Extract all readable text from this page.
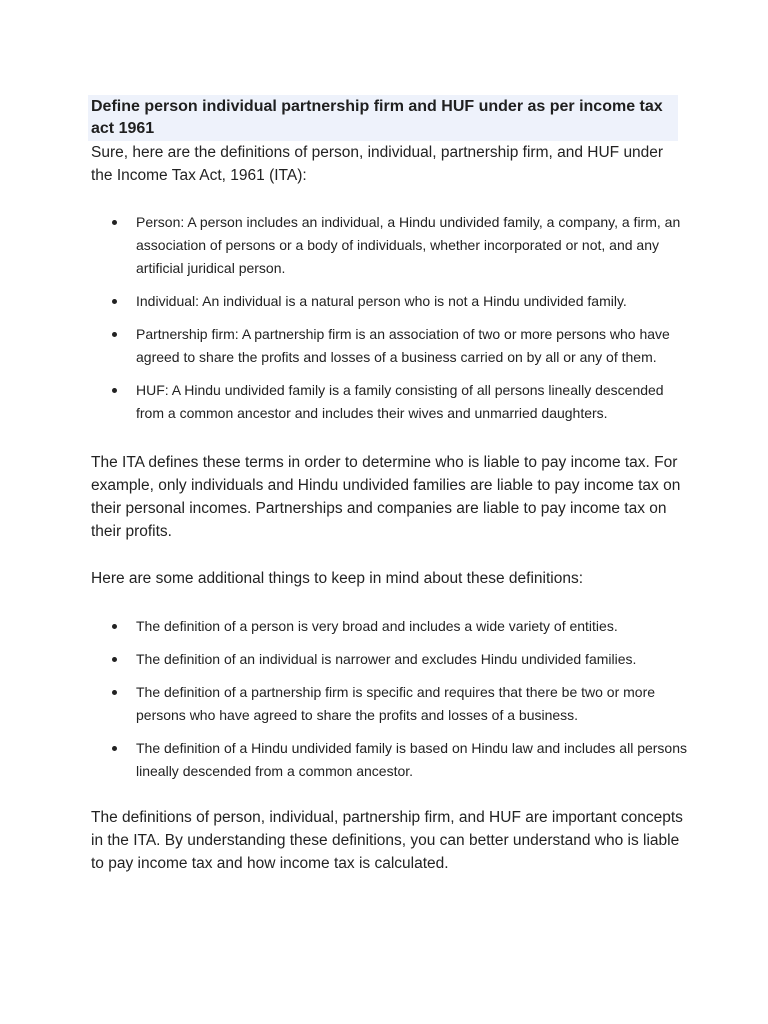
Define person individual partnership firm and HUF under as per income tax act 1961

Sure, here are the definitions of person, individual, partnership firm, and HUF under the Income Tax Act, 1961 (ITA):

Person: A person includes an individual, a Hindu undivided family, a company, a firm, an association of persons or a body of individuals, whether incorporated or not, and any artificial juridical person.
Individual: An individual is a natural person who is not a Hindu undivided family.
Partnership firm: A partnership firm is an association of two or more persons who have agreed to share the profits and losses of a business carried on by all or any of them.
HUF: A Hindu undivided family is a family consisting of all persons lineally descended from a common ancestor and includes their wives and unmarried daughters.

The ITA defines these terms in order to determine who is liable to pay income tax. For example, only individuals and Hindu undivided families are liable to pay income tax on their personal incomes. Partnerships and companies are liable to pay income tax on their profits.

Here are some additional things to keep in mind about these definitions:

The definition of a person is very broad and includes a wide variety of entities.
The definition of an individual is narrower and excludes Hindu undivided families.
The definition of a partnership firm is specific and requires that there be two or more persons who have agreed to share the profits and losses of a business.
The definition of a Hindu undivided family is based on Hindu law and includes all persons lineally descended from a common ancestor.

The definitions of person, individual, partnership firm, and HUF are important concepts in the ITA. By understanding these definitions, you can better understand who is liable to pay income tax and how income tax is calculated.
